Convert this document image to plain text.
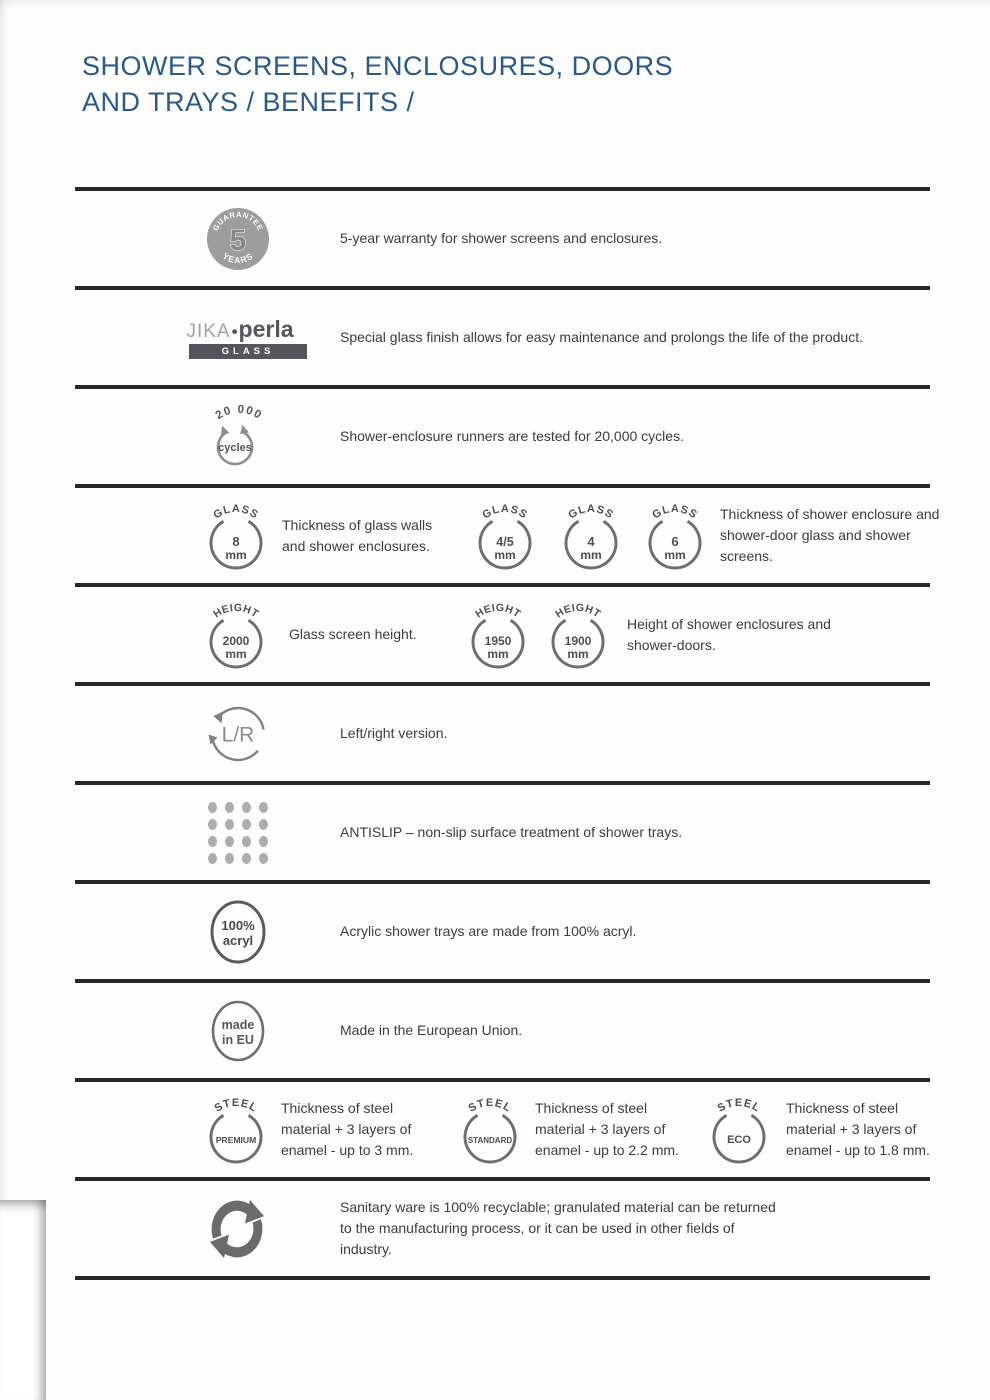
SHOWER SCREENS, ENCLOSURES, DOORS
AND TRAYS / BENEFITS /
GUARANTEE
5
YEARS
5-year warranty for shower screens and enclosures.
JIKA•perla
GLASS
Special glass finish allows for easy maintenance and prolongs the life of the product.
20 000
cycles
Shower-enclosure runners are tested for 20,000 cycles.
GLASS
8
mm
Thickness of glass walls and shower enclosures.
GLASS
4/5
mm
GLASS
4
mm
GLASS
6
mm
Thickness of shower enclosure and shower-door glass and shower screens.
HEIGHT
2000
mm
Glass screen height.
HEIGHT
1950
mm
HEIGHT
1900
mm
Height of shower enclosures and shower-doors.
L/R	Left/right version.
ANTISLIP – non-slip surface treatment of shower trays.
100%
acryl
Acrylic shower trays are made from 100% acryl.
made
in EU
Made in the European Union.
STEEL
PREMIUM
Thickness of steel material + 3 layers of enamel - up to 3 mm.
STEEL
STANDARD
Thickness of steel material + 3 layers of enamel - up to 2.2 mm.
STEEL
ECO
Thickness of steel material + 3 layers of enamel - up to 1.8 mm.
Sanitary ware is 100% recyclable; granulated material can be returned to the manufacturing process, or it can be used in other fields of industry.
